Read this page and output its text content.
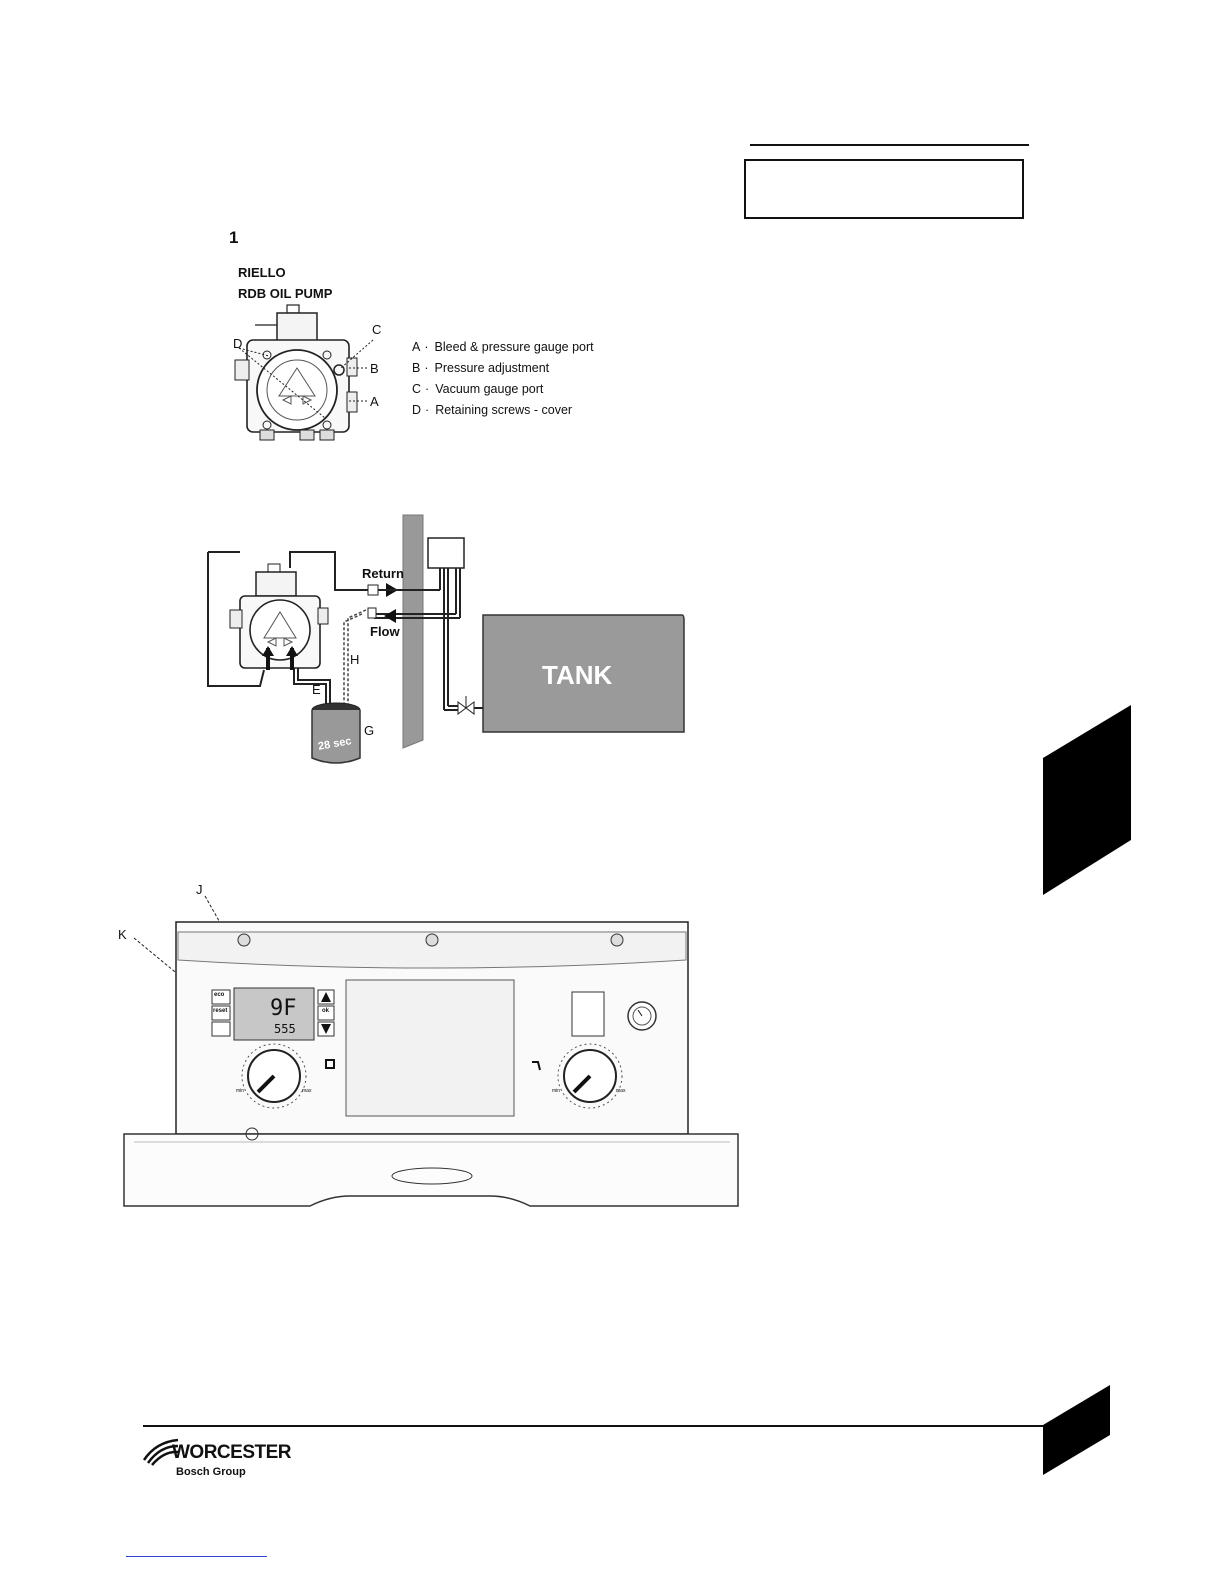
1
RIELLO
RDB OIL PUMP
D
C
B
A
A · Bleed & pressure gauge port
B · Pressure adjustment
C · Vacuum gauge port
D · Retaining screws - cover
Return
Flow
TANK
H
E
G
28 sec
J
K
eco
reset	ok
9F
555
min	max	min	max
WORCESTER
Bosch Group
